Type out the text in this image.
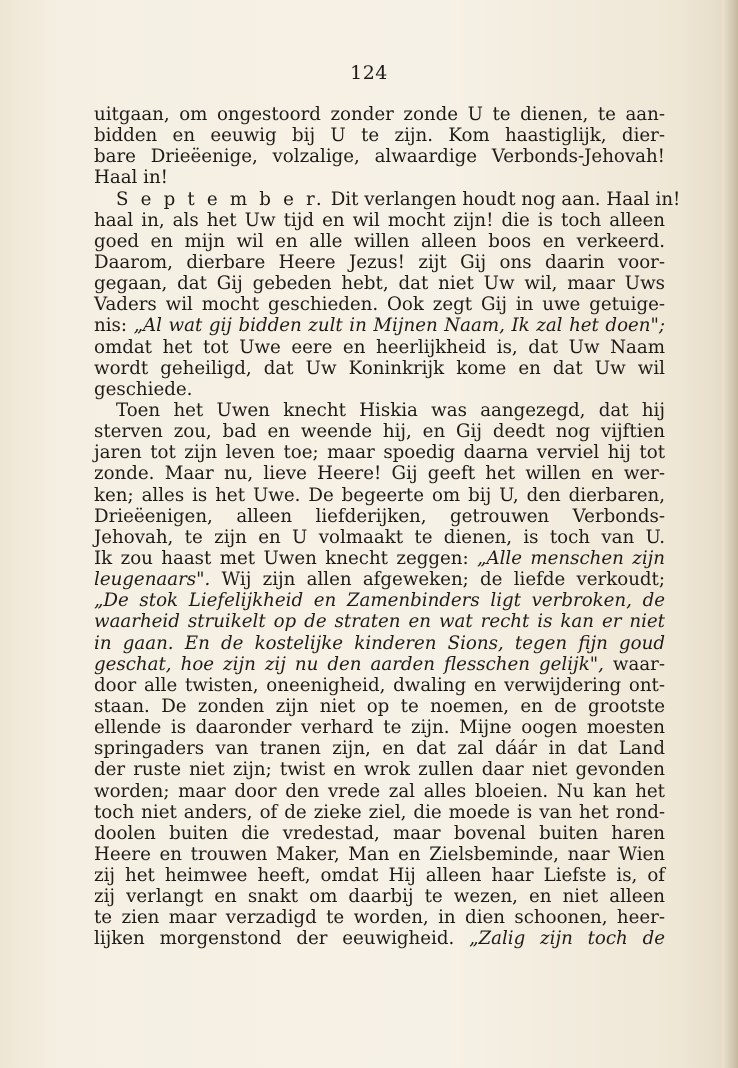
124
uitgaan, om ongestoord zonder zonde U te dienen, te aan-
bidden en eeuwig bij U te zijn. Kom haastiglijk, dier-
bare Drieëenige, volzalige, alwaardige Verbonds-Jehovah!
Haal in!
S e p t e m b e r. Dit verlangen houdt nog aan. Haal in!
haal in, als het Uw tijd en wil mocht zijn! die is toch alleen
goed en mijn wil en alle willen alleen boos en verkeerd.
Daarom, dierbare Heere Jezus! zijt Gij ons daarin voor-
gegaan, dat Gij gebeden hebt, dat niet Uw wil, maar Uws
Vaders wil mocht geschieden. Ook zegt Gij in uwe getuige-
nis: „Al wat gij bidden zult in Mijnen Naam, Ik zal het doen";
omdat het tot Uwe eere en heerlijkheid is, dat Uw Naam
wordt geheiligd, dat Uw Koninkrijk kome en dat Uw wil
geschiede.
Toen het Uwen knecht Hiskia was aangezegd, dat hij
sterven zou, bad en weende hij, en Gij deedt nog vijftien
jaren tot zijn leven toe; maar spoedig daarna verviel hij tot
zonde. Maar nu, lieve Heere! Gij geeft het willen en wer-
ken; alles is het Uwe. De begeerte om bij U, den dierbaren,
Drieëenigen, alleen liefderijken, getrouwen Verbonds-
Jehovah, te zijn en U volmaakt te dienen, is toch van U.
Ik zou haast met Uwen knecht zeggen: „Alle menschen zijn
leugenaars". Wij zijn allen afgeweken; de liefde verkoudt;
„De stok Liefelijkheid en Zamenbinders ligt verbroken, de
waarheid struikelt op de straten en wat recht is kan er niet
in gaan. En de kostelijke kinderen Sions, tegen fijn goud
geschat, hoe zijn zij nu den aarden flesschen gelijk", waar-
door alle twisten, oneenigheid, dwaling en verwijdering ont-
staan. De zonden zijn niet op te noemen, en de grootste
ellende is daaronder verhard te zijn. Mijne oogen moesten
springaders van tranen zijn, en dat zal dáár in dat Land
der ruste niet zijn; twist en wrok zullen daar niet gevonden
worden; maar door den vrede zal alles bloeien. Nu kan het
toch niet anders, of de zieke ziel, die moede is van het rond-
doolen buiten die vredestad, maar bovenal buiten haren
Heere en trouwen Maker, Man en Zielsbeminde, naar Wien
zij het heimwee heeft, omdat Hij alleen haar Liefste is, of
zij verlangt en snakt om daarbij te wezen, en niet alleen
te zien maar verzadigd te worden, in dien schoonen, heer-
lijken morgenstond der eeuwigheid. „Zalig zijn toch de
